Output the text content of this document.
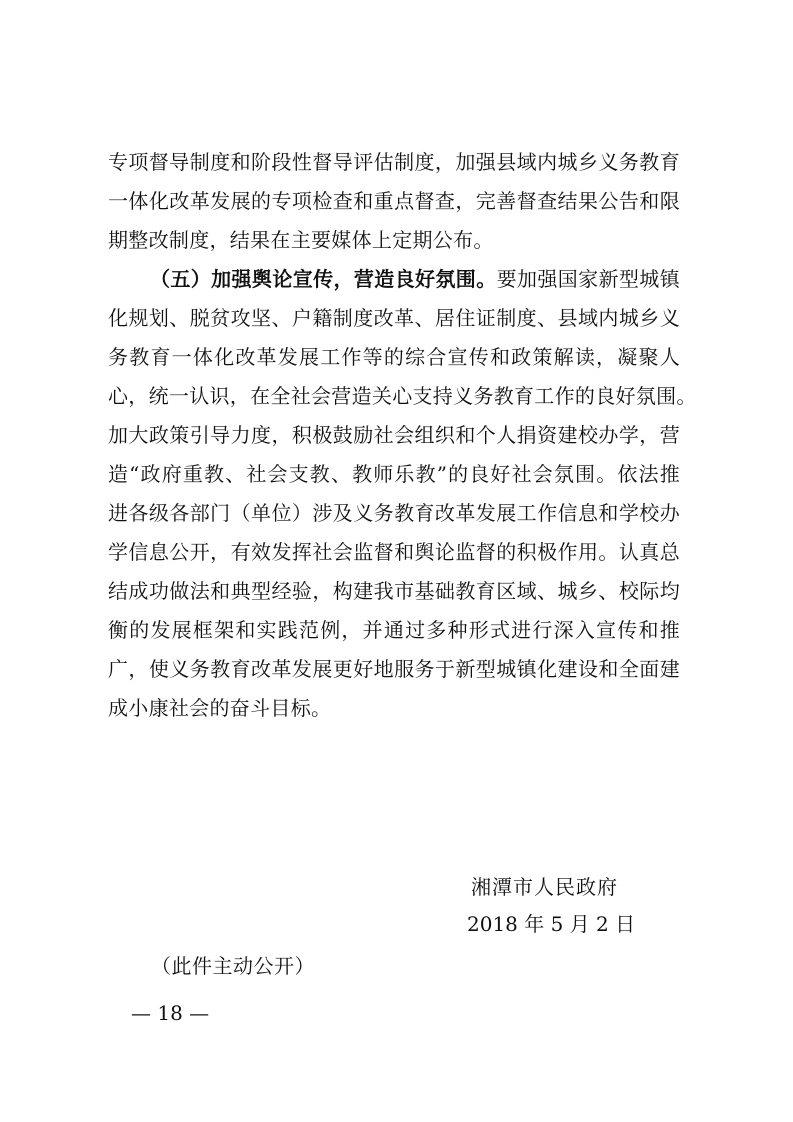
专项督导制度和阶段性督导评估制度，加强县域内城乡义务教育
一体化改革发展的专项检查和重点督查，完善督查结果公告和限
期整改制度，结果在主要媒体上定期公布。
（五）加强舆论宣传，营造良好氛围。要加强国家新型城镇
化规划、脱贫攻坚、户籍制度改革、居住证制度、县域内城乡义
务教育一体化改革发展工作等的综合宣传和政策解读，凝聚人
心，统一认识，在全社会营造关心支持义务教育工作的良好氛围。
加大政策引导力度，积极鼓励社会组织和个人捐资建校办学，营
造“政府重教、社会支教、教师乐教”的良好社会氛围。依法推
进各级各部门（单位）涉及义务教育改革发展工作信息和学校办
学信息公开，有效发挥社会监督和舆论监督的积极作用。认真总
结成功做法和典型经验，构建我市基础教育区域、城乡、校际均
衡的发展框架和实践范例，并通过多种形式进行深入宣传和推
广，使义务教育改革发展更好地服务于新型城镇化建设和全面建
成小康社会的奋斗目标。
湘潭市人民政府
2018 年 5 月 2 日
（此件主动公开）
— 18 —
